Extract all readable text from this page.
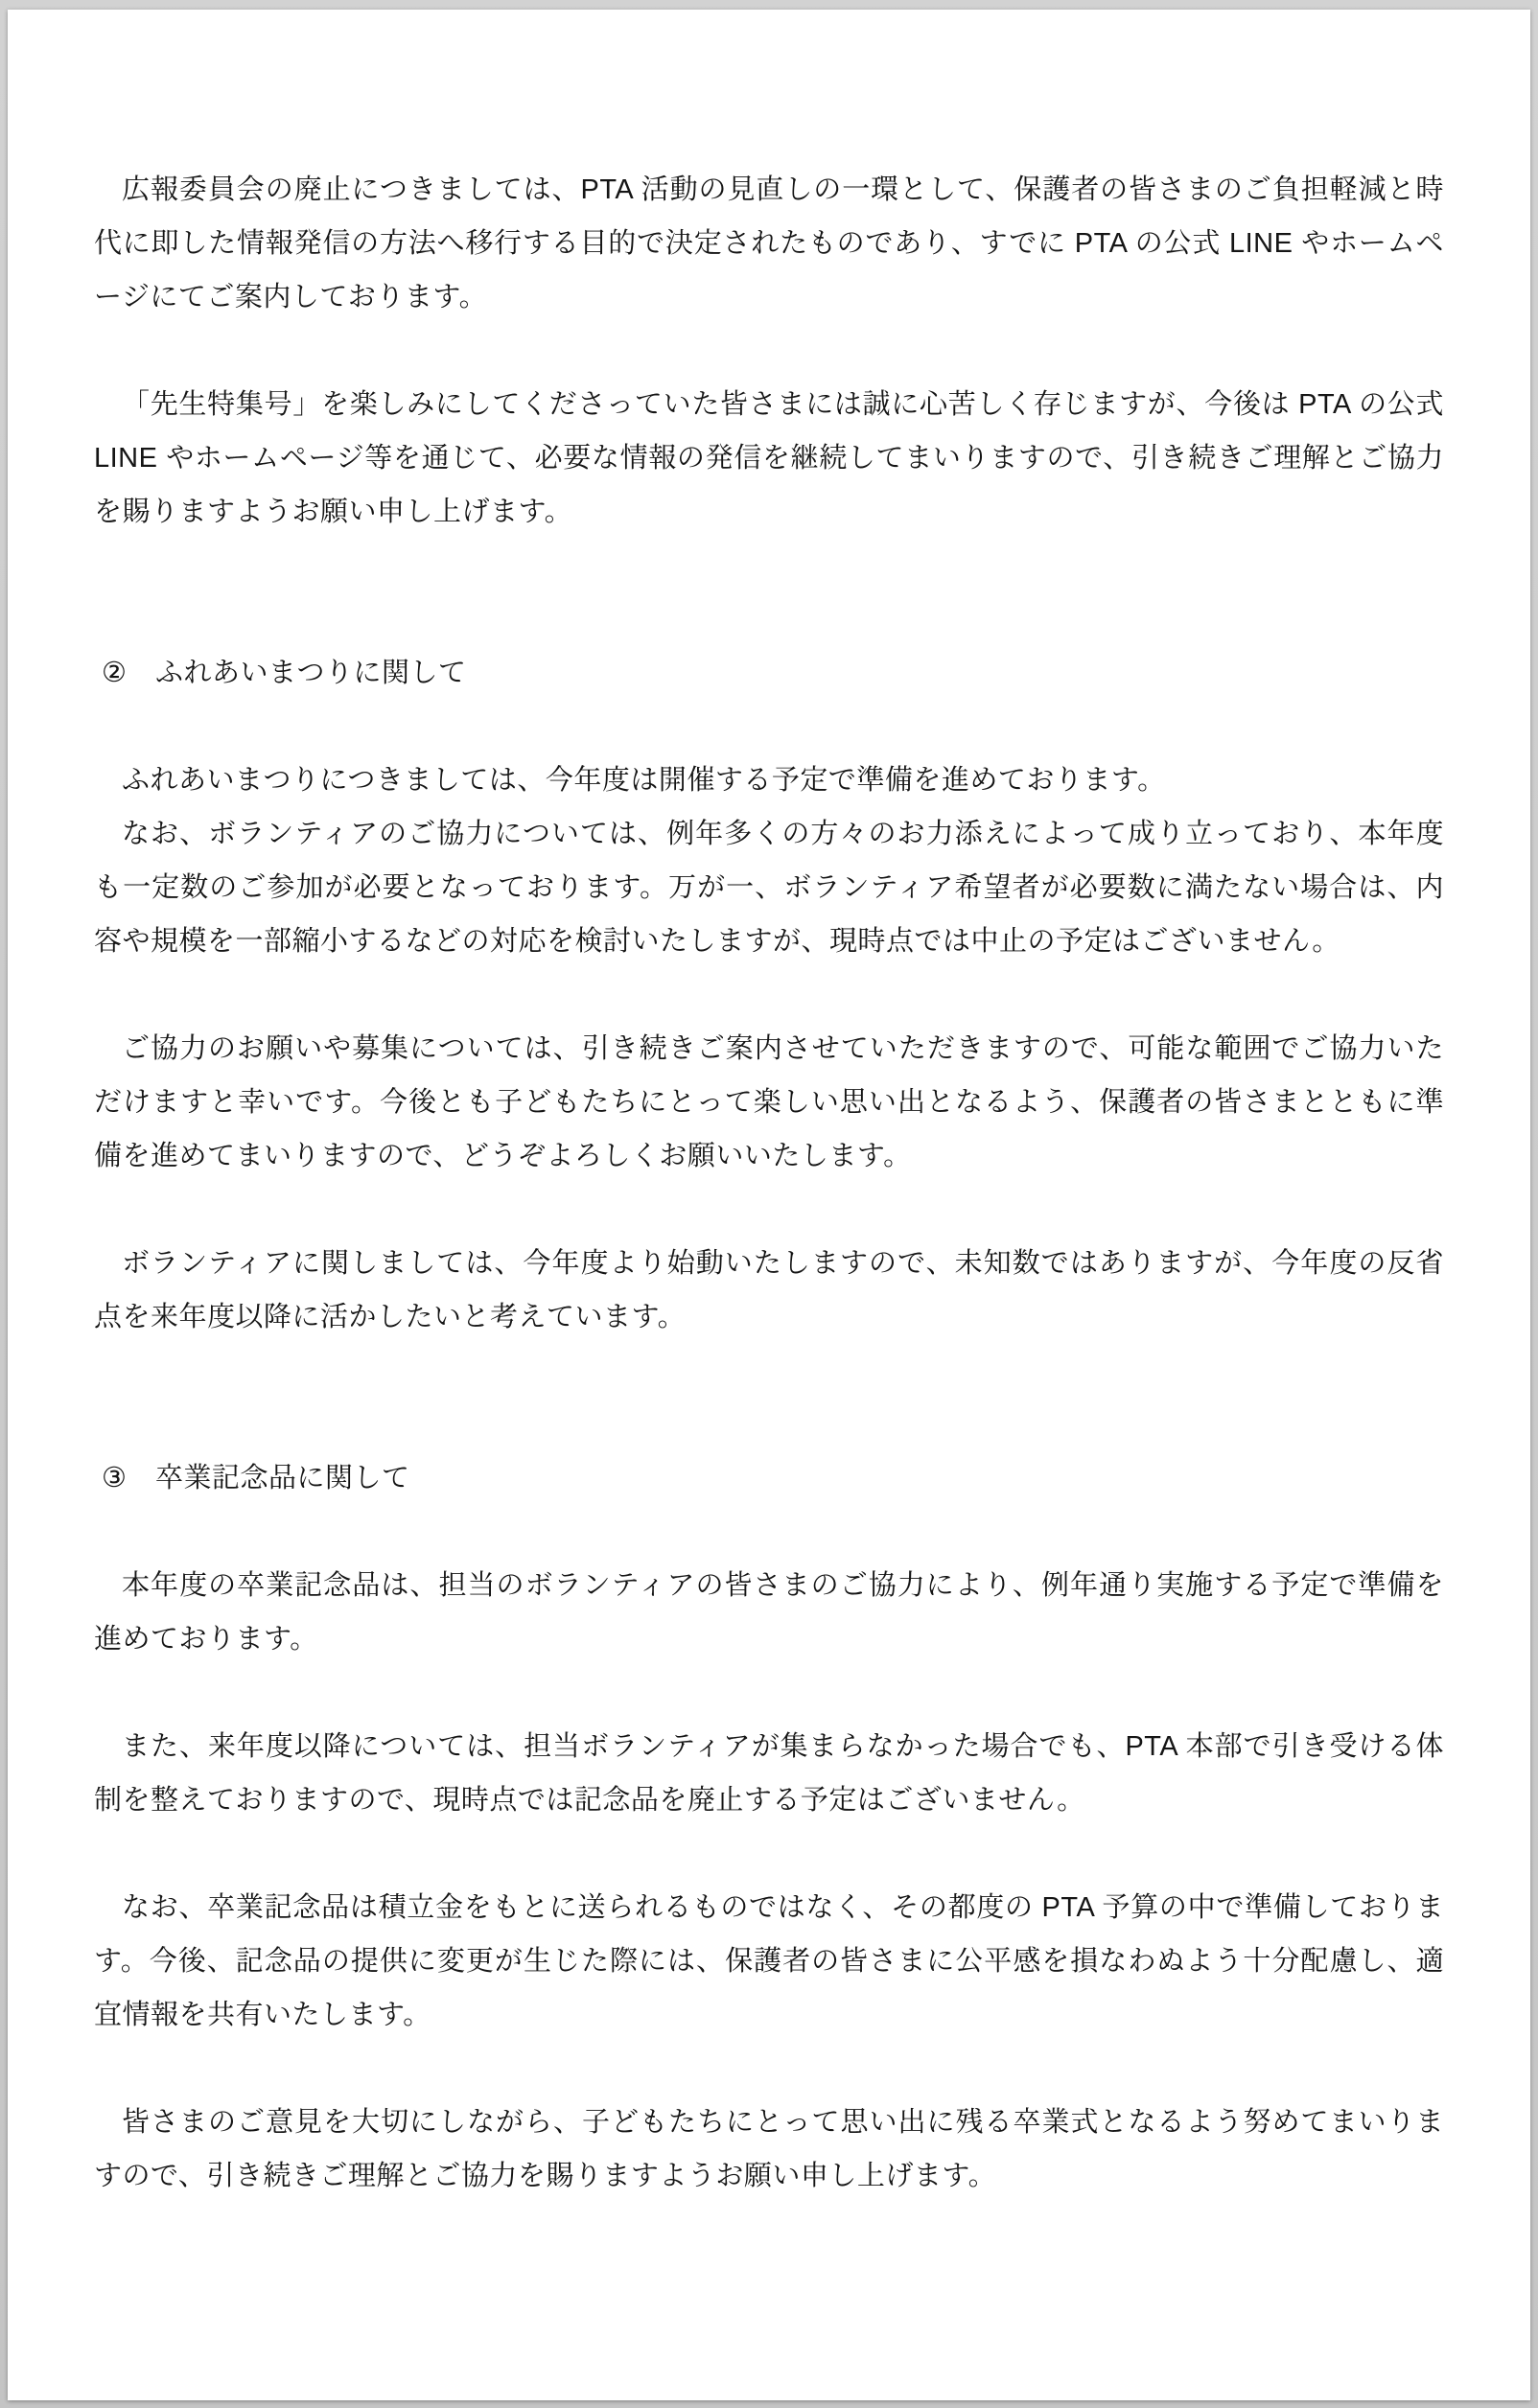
広報委員会の廃止につきましては、PTA 活動の見直しの一環として、保護者の皆さまのご負担軽減と時代に即した情報発信の方法へ移行する目的で決定されたものであり、すでに PTA の公式 LINE やホームページにてご案内しております。

「先生特集号」を楽しみにしてくださっていた皆さまには誠に心苦しく存じますが、今後は PTA の公式 LINE やホームページ等を通じて、必要な情報の発信を継続してまいりますので、引き続きご理解とご協力を賜りますようお願い申し上げます。

②　ふれあいまつりに関して

ふれあいまつりにつきましては、今年度は開催する予定で準備を進めております。

なお、ボランティアのご協力については、例年多くの方々のお力添えによって成り立っており、本年度も一定数のご参加が必要となっております。万が一、ボランティア希望者が必要数に満たない場合は、内容や規模を一部縮小するなどの対応を検討いたしますが、現時点では中止の予定はございません。

ご協力のお願いや募集については、引き続きご案内させていただきますので、可能な範囲でご協力いただけますと幸いです。今後とも子どもたちにとって楽しい思い出となるよう、保護者の皆さまとともに準備を進めてまいりますので、どうぞよろしくお願いいたします。

ボランティアに関しましては、今年度より始動いたしますので、未知数ではありますが、今年度の反省点を来年度以降に活かしたいと考えています。

③　卒業記念品に関して

本年度の卒業記念品は、担当のボランティアの皆さまのご協力により、例年通り実施する予定で準備を進めております。

また、来年度以降については、担当ボランティアが集まらなかった場合でも、PTA 本部で引き受ける体制を整えておりますので、現時点では記念品を廃止する予定はございません。

なお、卒業記念品は積立金をもとに送られるものではなく、その都度の PTA 予算の中で準備しております。今後、記念品の提供に変更が生じた際には、保護者の皆さまに公平感を損なわぬよう十分配慮し、適宜情報を共有いたします。

皆さまのご意見を大切にしながら、子どもたちにとって思い出に残る卒業式となるよう努めてまいりますので、引き続きご理解とご協力を賜りますようお願い申し上げます。
